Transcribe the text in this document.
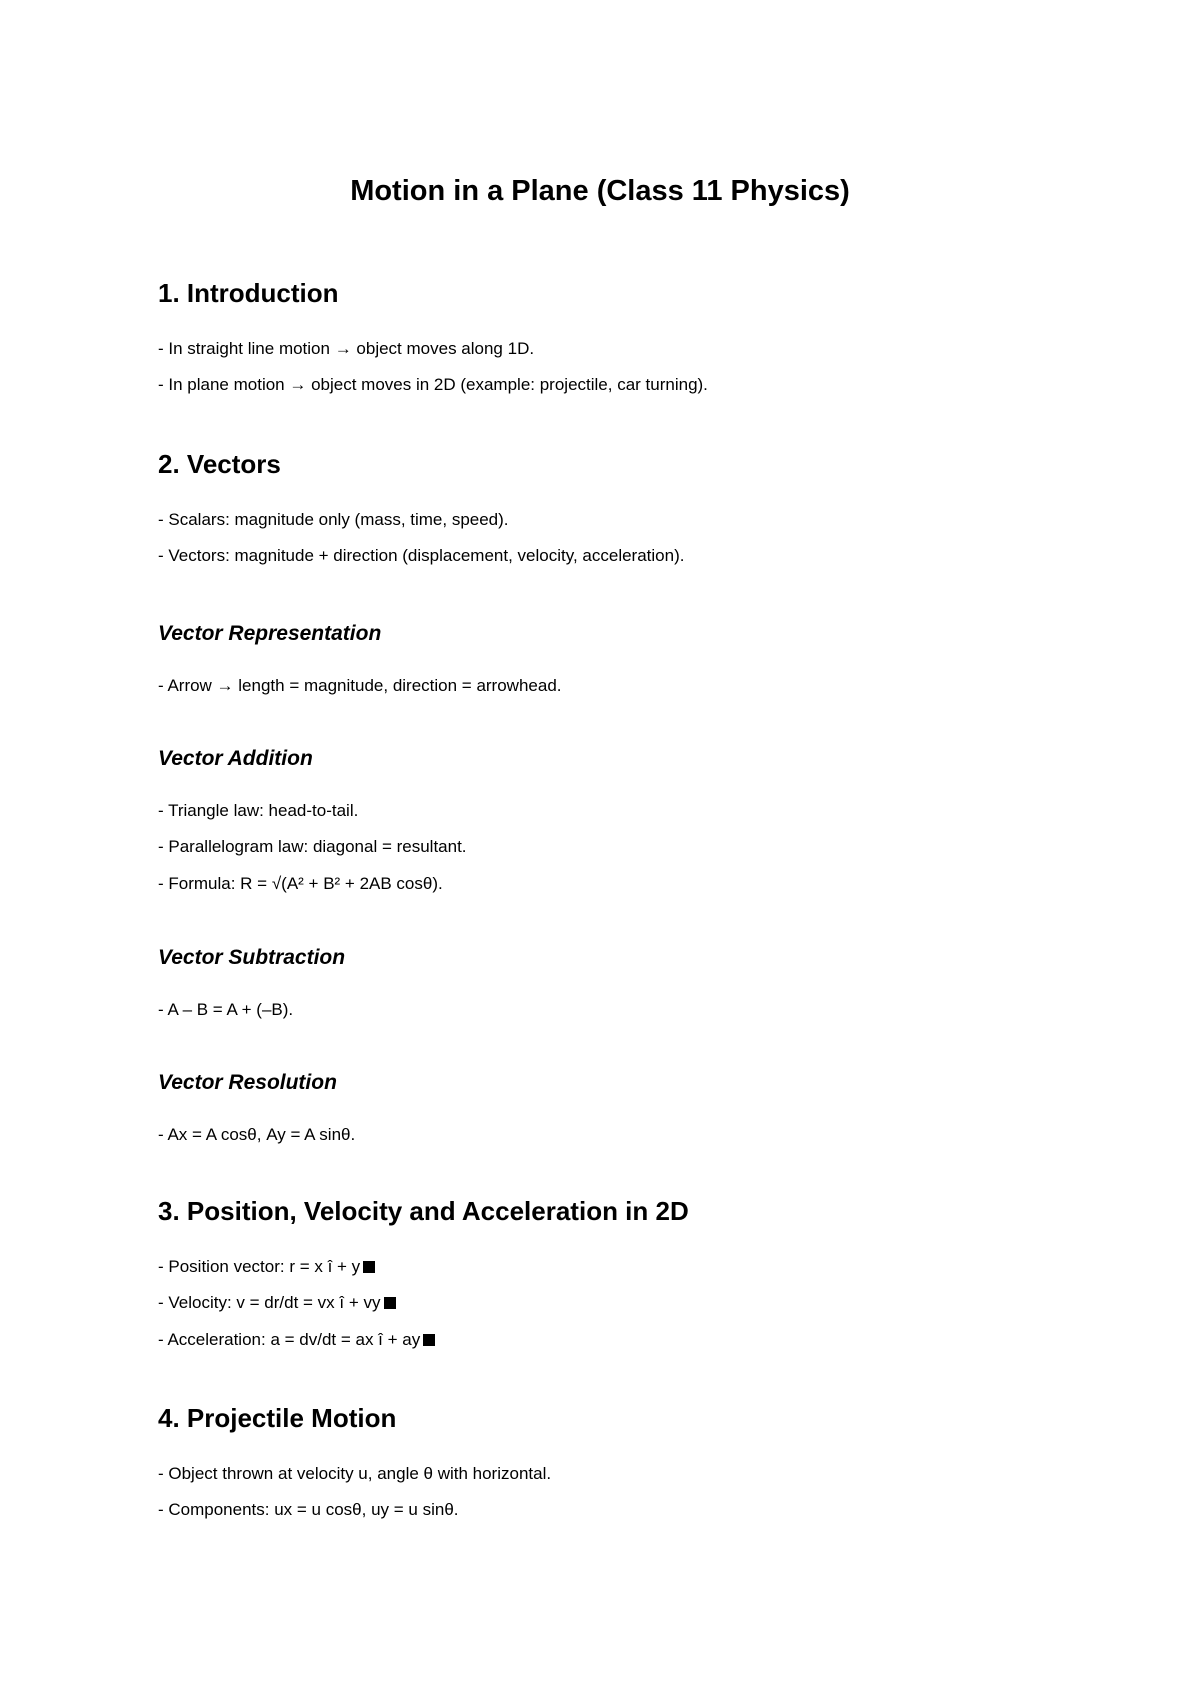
Motion in a Plane (Class 11 Physics)
1. Introduction

- In straight line motion → object moves along 1D.

- In plane motion → object moves in 2D (example: projectile, car turning).

2. Vectors

- Scalars: magnitude only (mass, time, speed).

- Vectors: magnitude + direction (displacement, velocity, acceleration).

Vector Representation

- Arrow → length = magnitude, direction = arrowhead.

Vector Addition

- Triangle law: head-to-tail.

- Parallelogram law: diagonal = resultant.

- Formula: R = √(A² + B² + 2AB cosθ).

Vector Subtraction

- A – B = A + (–B).

Vector Resolution

- Ax = A cosθ, Ay = A sinθ.

3. Position, Velocity and Acceleration in 2D

- Position vector: r = x î + y

- Velocity: v = dr/dt = vx î + vy

- Acceleration: a = dv/dt = ax î + ay

4. Projectile Motion

- Object thrown at velocity u, angle θ with horizontal.

- Components: ux = u cosθ, uy = u sinθ.
